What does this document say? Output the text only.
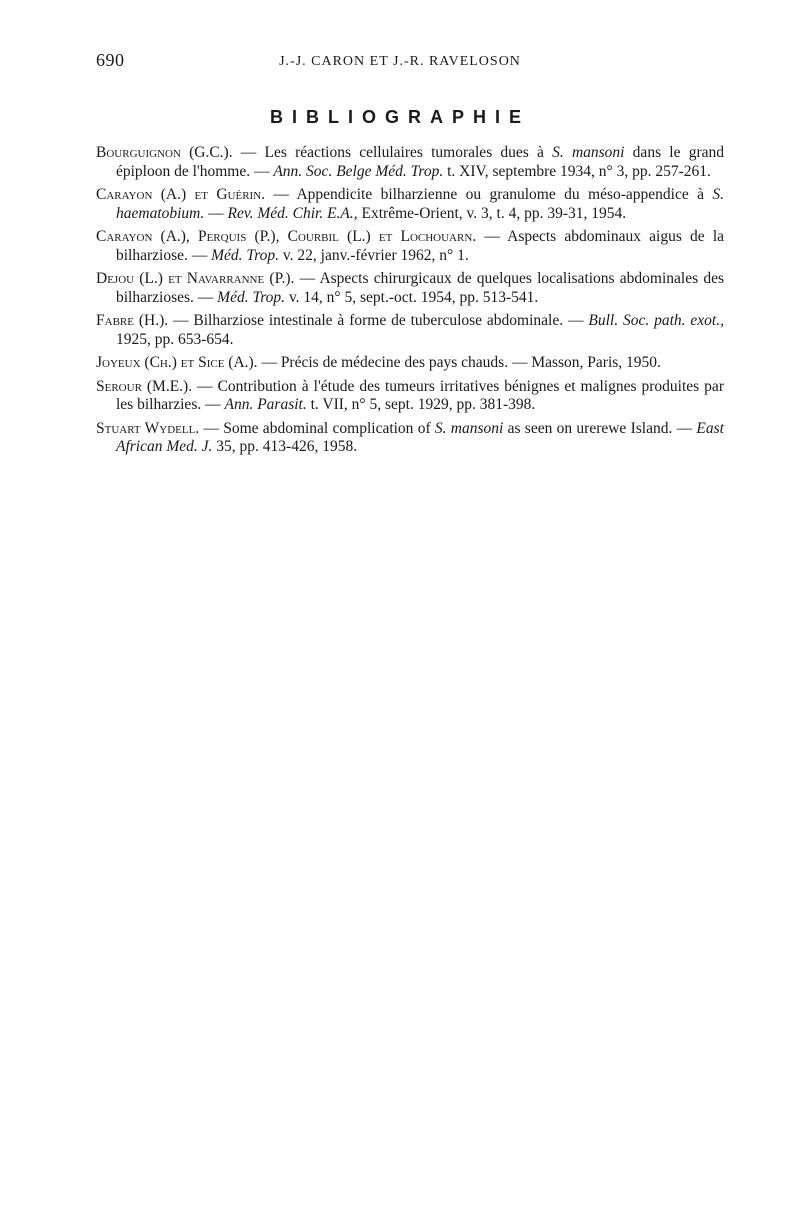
690	J.-J. CARON ET J.-R. RAVELOSON
BIBLIOGRAPHIE

Bourguignon (G.C.). — Les réactions cellulaires tumorales dues à S. mansoni dans le grand épiploon de l'homme. — Ann. Soc. Belge Méd. Trop. t. XIV, septembre 1934, n° 3, pp. 257-261.

Carayon (A.) et Guérin. — Appendicite bilharzienne ou granulome du méso-appendice à S. haematobium. — Rev. Méd. Chir. E.A., Extrême-Orient, v. 3, t. 4, pp. 39-31, 1954.

Carayon (A.), Perquis (P.), Courbil (L.) et Lochouarn. — Aspects abdominaux aigus de la bilharziose. — Méd. Trop. v. 22, janv.-février 1962, n° 1.

Dejou (L.) et Navarranne (P.). — Aspects chirurgicaux de quelques localisations abdominales des bilharzioses. — Méd. Trop. v. 14, n° 5, sept.-oct. 1954, pp. 513-541.

Fabre (H.). — Bilharziose intestinale à forme de tuberculose abdominale. — Bull. Soc. path. exot., 1925, pp. 653-654.

Joyeux (Ch.) et Sice (A.). — Précis de médecine des pays chauds. — Masson, Paris, 1950.

Serour (M.E.). — Contribution à l'étude des tumeurs irritatives bénignes et malignes produites par les bilharzies. — Ann. Parasit. t. VII, n° 5, sept. 1929, pp. 381-398.

Stuart Wydell. — Some abdominal complication of S. mansoni as seen on urerewe Island. — East African Med. J. 35, pp. 413-426, 1958.
